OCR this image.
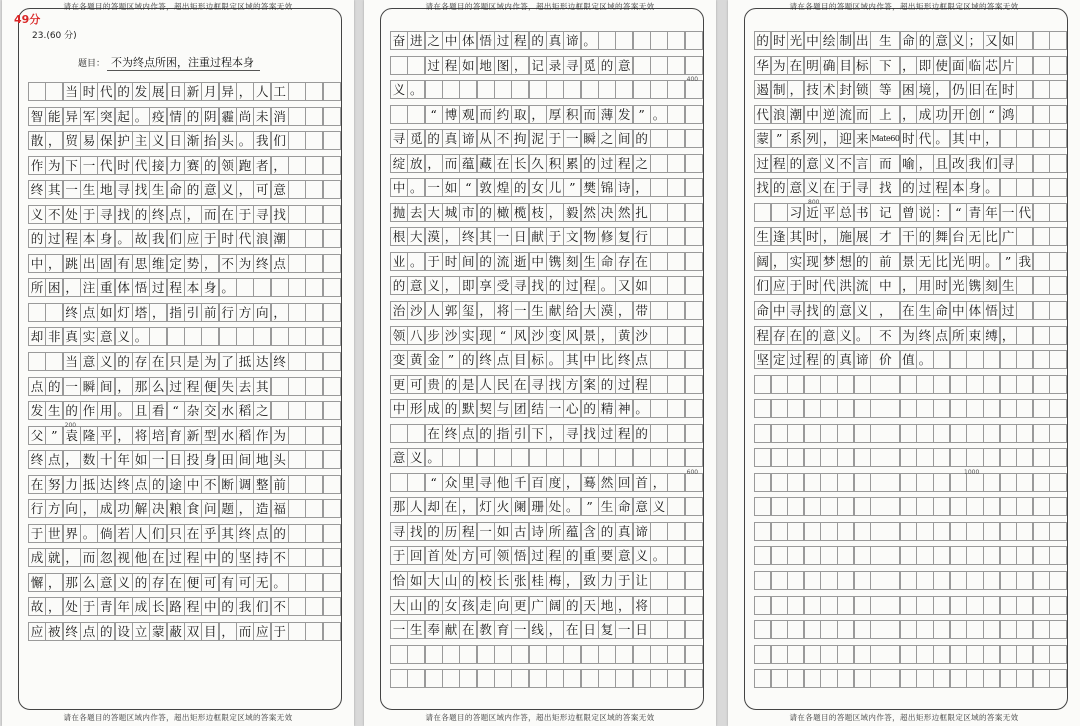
请在各题目的答题区域内作答，超出矩形边框限定区域的答案无效
请在各题目的答题区域内作答，超出矩形边框限定区域的答案无效
49分
23.(60 分)
题目： 不为终点所困，注重过程本身
当 时 代 的 发 展 日 新 月 异 ， 人 工
智 能 异 军 突 起 。 疫 情 的 阴 霾 尚 未 消
散 ， 贸 易 保 护 主 义 日 渐 抬 头 。 我 们
作 为 下 一 代 时 代 接 力 赛 的 领 跑 者 ，
终 其 一 生 地 寻 找 生 命 的 意 义 ， 可 意
义 不 处 于 寻 找 的 终 点 ， 而 在 于 寻 找
的 过 程 本 身 。 故 我 们 应 于 时 代 浪 潮
中 ， 跳 出 固 有 思 维 定 势 ， 不 为 终 点
所 困 ， 注 重 体 悟 过 程 本 身 。
终 点 如 灯 塔 ， 指 引 前 行 方 向 ，
却 非 真 实 意 义 。
当 意 义 的 存 在 只 是 为 了 抵 达 终
点 的 一 瞬 间 ， 那 么 过 程 便 失 去 其
发 生 的 作 用 。 且 看 “ 杂 交 水 稻 之
父 ” 袁 隆 平 ， 将 培 育 新 型 水 稻 作 为
终 点 ， 数 十 年 如 一 日 投 身 田 间 地 头
在 努 力 抵 达 终 点 的 途 中 不 断 调 整 前
行 方 向 ， 成 功 解 决 粮 食 问 题 ， 造 福
于 世 界 。 倘 若 人 们 只 在 乎 其 终 点 的
成 就 ， 而 忽 视 他 在 过 程 中 的 坚 持 不
懈 ， 那 么 意 义 的 存 在 便 可 有 可 无 。
故 ， 处 于 青 年 成 长 路 程 中 的 我 们 不
应 被 终 点 的 设 立 蒙 蔽 双 目 ， 而 应 于
200
请在各题目的答题区域内作答，超出矩形边框限定区域的答案无效
请在各题目的答题区域内作答，超出矩形边框限定区域的答案无效
奋 进 之 中 体 悟 过 程 的 真 谛 。
过 程 如 地 图 ， 记 录 寻 觅 的 意
义 。
“ 博 观 而 约 取 ， 厚 积 而 薄 发 ” 。
寻 觅 的 真 谛 从 不 拘 泥 于 一 瞬 之 间 的
绽 放 ， 而 蕴 藏 在 长 久 积 累 的 过 程 之
中 。 一 如 “ 敦 煌 的 女 儿 ” 樊 锦 诗 ，
抛 去 大 城 市 的 橄 榄 枝 ， 毅 然 决 然 扎
根 大 漠 ， 终 其 一 日 献 于 文 物 修 复 行
业 。 于 时 间 的 流 逝 中 镌 刻 生 命 存 在
的 意 义 ， 即 享 受 寻 找 的 过 程 。 又 如
治 沙 人 郭 玺 ， 将 一 生 献 给 大 漠 ， 带
领 八 步 沙 实 现 “ 风 沙 变 风 景 ， 黄 沙
变 黄 金 ” 的 终 点 目 标 。 其 中 比 终 点
更 可 贵 的 是 人 民 在 寻 找 方 案 的 过 程
中 形 成 的 默 契 与 团 结 一 心 的 精 神 。
在 终 点 的 指 引 下 ， 寻 找 过 程 的
意 义 。
“ 众 里 寻 他 千 百 度 ， 蓦 然 回 首 ，
那 人 却 在 ， 灯 火 阑 珊 处 。 ” 生 命 意 义
寻 找 的 历 程 一 如 古 诗 所 蕴 含 的 真 谛
于 回 首 处 方 可 领 悟 过 程 的 重 要 意 义 。
恰 如 大 山 的 校 长 张 桂 梅 ， 致 力 于 让
大 山 的 女 孩 走 向 更 广 阔 的 天 地 ， 将
一 生 奉 献 在 教 育 一 线 ， 在 日 复 一 日
400
600
请在各题目的答题区域内作答，超出矩形边框限定区域的答案无效
请在各题目的答题区域内作答，超出矩形边框限定区域的答案无效
的 时 光 中 绘 制 出 生 命 的 意 义 ； 又 如
华 为 在 明 确 目 标 下 ， 即 使 面 临 芯 片
遏 制 ， 技 术 封 锁 等 困 境 ， 仍 旧 在 时
代 浪 潮 中 逆 流 而 上 ， 成 功 开 创 “ 鸿
蒙 ” 系 列 ， 迎 来 Mate60 时 代 。 其 中 ，
过 程 的 意 义 不 言 而 喻 ， 且 改 我 们 寻
找 的 意 义 在 于 寻 找 的 过 程 本 身 。
习 近 平 总 书 记 曾 说 ： “ 青 年 一 代
生 逢 其 时 ， 施 展 才 干 的 舞 台 无 比 广
阔 ， 实 现 梦 想 的 前 景 无 比 光 明 。 ” 我
们 应 于 时 代 洪 流 中 ， 用 时 光 镌 刻 生
命 中 寻 找 的 意 义 ， 在 生 命 中 体 悟 过
程 存 在 的 意 义 。 不 为 终 点 所 束 缚 ，
坚 定 过 程 的 真 谛 价 值 。
800
1000
